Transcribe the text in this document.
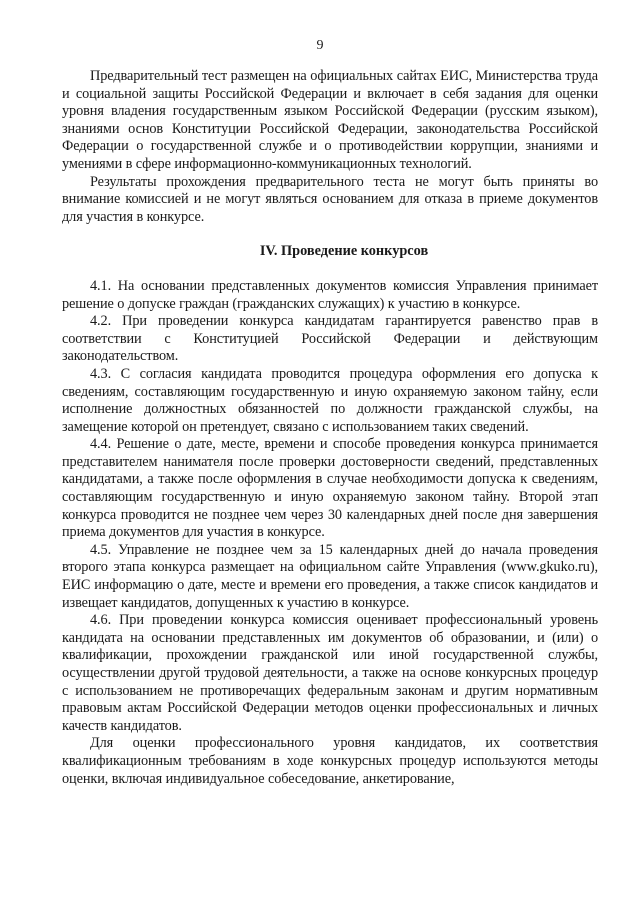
9

Предварительный тест размещен на официальных сайтах ЕИС, Министерства труда и социальной защиты Российской Федерации и включает в себя задания для оценки уровня владения государственным языком Российской Федерации (русским языком), знаниями основ Конституции Российской Федерации, законодательства Российской Федерации о государственной службе и о противодействии коррупции, знаниями и умениями в сфере информационно-коммуникационных технологий.

Результаты прохождения предварительного теста не могут быть приняты во внимание комиссией и не могут являться основанием для отказа в приеме документов для участия в конкурсе.

IV. Проведение конкурсов

4.1. На основании представленных документов комиссия Управления принимает решение о допуске граждан (гражданских служащих) к участию в конкурсе.

4.2. При проведении конкурса кандидатам гарантируется равенство прав в соответствии с Конституцией Российской Федерации и действующим законодательством.

4.3. С согласия кандидата проводится процедура оформления его допуска к сведениям, составляющим государственную и иную охраняемую законом тайну, если исполнение должностных обязанностей по должности гражданской службы, на замещение которой он претендует, связано с использованием таких сведений.

4.4. Решение о дате, месте, времени и способе проведения конкурса принимается представителем нанимателя после проверки достоверности сведений, представленных кандидатами, а также после оформления в случае необходимости допуска к сведениям, составляющим государственную и иную охраняемую законом тайну. Второй этап конкурса проводится не позднее чем через 30 календарных дней после дня завершения приема документов для участия в конкурсе.

4.5. Управление не позднее чем за 15 календарных дней до начала проведения второго этапа конкурса размещает на официальном сайте Управления (www.gkuko.ru), ЕИС информацию о дате, месте и времени его проведения, а также список кандидатов и извещает кандидатов, допущенных к участию в конкурсе.

4.6. При проведении конкурса комиссия оценивает профессиональный уровень кандидата на основании представленных им документов об образовании, и (или) о квалификации, прохождении гражданской или иной государственной службы, осуществлении другой трудовой деятельности, а также на основе конкурсных процедур с использованием не противоречащих федеральным законам и другим нормативным правовым актам Российской Федерации методов оценки профессиональных и личных качеств кандидатов.

Для оценки профессионального уровня кандидатов, их соответствия квалификационным требованиям в ходе конкурсных процедур используются методы оценки, включая индивидуальное собеседование, анкетирование,
